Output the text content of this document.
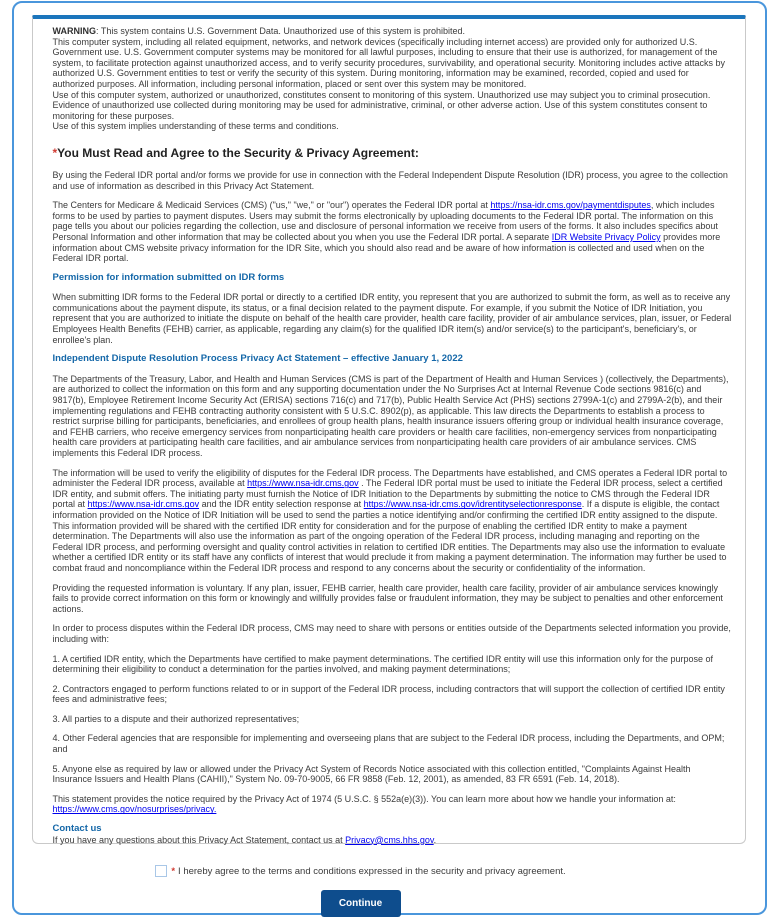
WARNING: This system contains U.S. Government Data. Unauthorized use of this system is prohibited.

This computer system, including all related equipment, networks, and network devices (specifically including internet access) are provided only for authorized U.S. Government use. U.S. Government computer systems may be monitored for all lawful purposes, including to ensure that their use is authorized, for management of the system, to facilitate protection against unauthorized access, and to verify security procedures, survivability, and operational security. Monitoring includes active attacks by authorized U.S. Government entities to test or verify the security of this system. During monitoring, information may be examined, recorded, copied and used for authorized purposes. All information, including personal information, placed or sent over this system may be monitored.

Use of this computer system, authorized or unauthorized, constitutes consent to monitoring of this system. Unauthorized use may subject you to criminal prosecution. Evidence of unauthorized use collected during monitoring may be used for administrative, criminal, or other adverse action. Use of this system constitutes consent to monitoring for these purposes.

Use of this system implies understanding of these terms and conditions.

*You Must Read and Agree to the Security & Privacy Agreement:

By using the Federal IDR portal and/or forms we provide for use in connection with the Federal Independent Dispute Resolution (IDR) process, you agree to the collection and use of information as described in this Privacy Act Statement.

The Centers for Medicare & Medicaid Services (CMS) ("us," "we," or "our") operates the Federal IDR portal at https://nsa-idr.cms.gov/paymentdisputes, which includes forms to be used by parties to payment disputes. Users may submit the forms electronically by uploading documents to the Federal IDR portal. The information on this page tells you about our policies regarding the collection, use and disclosure of personal information we receive from users of the forms. It also includes specifics about Personal Information and other information that may be collected about you when you use the Federal IDR portal. A separate IDR Website Privacy Policy provides more information about CMS website privacy information for the IDR Site, which you should also read and be aware of how information is collected and used when on the Federal IDR portal.

Permission for information submitted on IDR forms

When submitting IDR forms to the Federal IDR portal or directly to a certified IDR entity, you represent that you are authorized to submit the form, as well as to receive any communications about the payment dispute, its status, or a final decision related to the payment dispute. For example, if you submit the Notice of IDR Initiation, you represent that you are authorized to initiate the dispute on behalf of the health care provider, health care facility, provider of air ambulance services, plan, issuer, or Federal Employees Health Benefits (FEHB) carrier, as applicable, regarding any claim(s) for the qualified IDR item(s) and/or service(s) to the participant's, beneficiary's, or enrollee's plan.

Independent Dispute Resolution Process Privacy Act Statement – effective January 1, 2022

The Departments of the Treasury, Labor, and Health and Human Services (CMS is part of the Department of Health and Human Services ) (collectively, the Departments), are authorized to collect the information on this form and any supporting documentation under the No Surprises Act at Internal Revenue Code sections 9816(c) and 9817(b), Employee Retirement Income Security Act (ERISA) sections 716(c) and 717(b), Public Health Service Act (PHS) sections 2799A-1(c) and 2799A-2(b), and their implementing regulations and FEHB contracting authority consistent with 5 U.S.C. 8902(p), as applicable. This law directs the Departments to establish a process to restrict surprise billing for participants, beneficiaries, and enrollees of group health plans, health insurance issuers offering group or individual health insurance coverage, and FEHB carriers, who receive emergency services from nonparticipating health care providers or health care facilities, non-emergency services from nonparticipating health care providers at participating health care facilities, and air ambulance services from nonparticipating health care providers of air ambulance services. CMS implements this Federal IDR process.

The information will be used to verify the eligibility of disputes for the Federal IDR process. The Departments have established, and CMS operates a Federal IDR portal to administer the Federal IDR process, available at https://www.nsa-idr.cms.gov . The Federal IDR portal must be used to initiate the Federal IDR process, select a certified IDR entity, and submit offers. The initiating party must furnish the Notice of IDR Initiation to the Departments by submitting the notice to CMS through the Federal IDR portal at https://www.nsa-idr.cms.gov and the IDR entity selection response at https://www.nsa-idr.cms.gov/idrentityselectionresponse. If a dispute is eligible, the contact information provided on the Notice of IDR Initiation will be used to send the parties a notice identifying and/or confirming the certified IDR entity assigned to the dispute. This information provided will be shared with the certified IDR entity for consideration and for the purpose of enabling the certified IDR entity to make a payment determination. The Departments will also use the information as part of the ongoing operation of the Federal IDR process, including managing and reporting on the Federal IDR process, and performing oversight and quality control activities in relation to certified IDR entities. The Departments may also use the information to evaluate whether a certified IDR entity or its staff have any conflicts of interest that would preclude it from making a payment determination. The information may further be used to combat fraud and noncompliance within the Federal IDR process and respond to any concerns about the security or confidentiality of the information.

Providing the requested information is voluntary. If any plan, issuer, FEHB carrier, health care provider, health care facility, provider of air ambulance services knowingly fails to provide correct information on this form or knowingly and willfully provides false or fraudulent information, they may be subject to penalties and other enforcement actions.

In order to process disputes within the Federal IDR process, CMS may need to share with persons or entities outside of the Departments selected information you provide, including with:

1. A certified IDR entity, which the Departments have certified to make payment determinations. The certified IDR entity will use this information only for the purpose of determining their eligibility to conduct a determination for the parties involved, and making payment determinations;

2. Contractors engaged to perform functions related to or in support of the Federal IDR process, including contractors that will support the collection of certified IDR entity fees and administrative fees;

3. All parties to a dispute and their authorized representatives;

4. Other Federal agencies that are responsible for implementing and overseeing plans that are subject to the Federal IDR process, including the Departments, and OPM; and

5. Anyone else as required by law or allowed under the Privacy Act System of Records Notice associated with this collection entitled, "Complaints Against Health Insurance Issuers and Health Plans (CAHII)," System No. 09-70-9005, 66 FR 9858 (Feb. 12, 2001), as amended, 83 FR 6591 (Feb. 14, 2018).

This statement provides the notice required by the Privacy Act of 1974 (5 U.S.C. § 552a(e)(3)). You can learn more about how we handle your information at: https://www.cms.gov/nosurprises/privacy.

Contact us

If you have any questions about this Privacy Act Statement, contact us at Privacy@cms.hhs.gov.

* I hereby agree to the terms and conditions expressed in the security and privacy agreement.
Continue
